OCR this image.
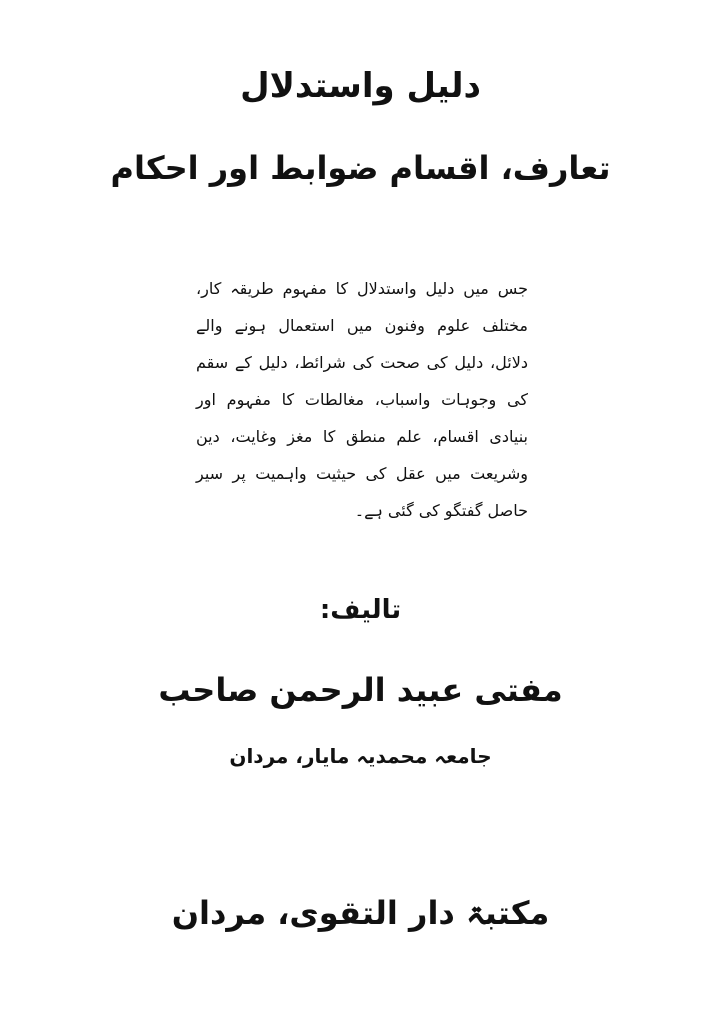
دلیل واستدلال
تعارف، اقسام ضوابط اور احکام
جس میں دلیل واستدلال کا مفہوم طریقہ کار، مختلف علوم وفنون میں استعمال ہونے والے دلائل، دلیل کی صحت کی شرائط، دلیل کے سقم کی وجوہات واسباب، مغالطات کا مفہوم اور بنیادی اقسام، علم منطق کا مغز وغایت، دین وشریعت میں عقل کی حیثیت واہمیت پر سیر حاصل گفتگو کی گئی ہے۔
تالیف:
مفتی عبید الرحمن صاحب
جامعہ محمدیہ مایار، مردان
مکتبۃ دار التقوی، مردان
